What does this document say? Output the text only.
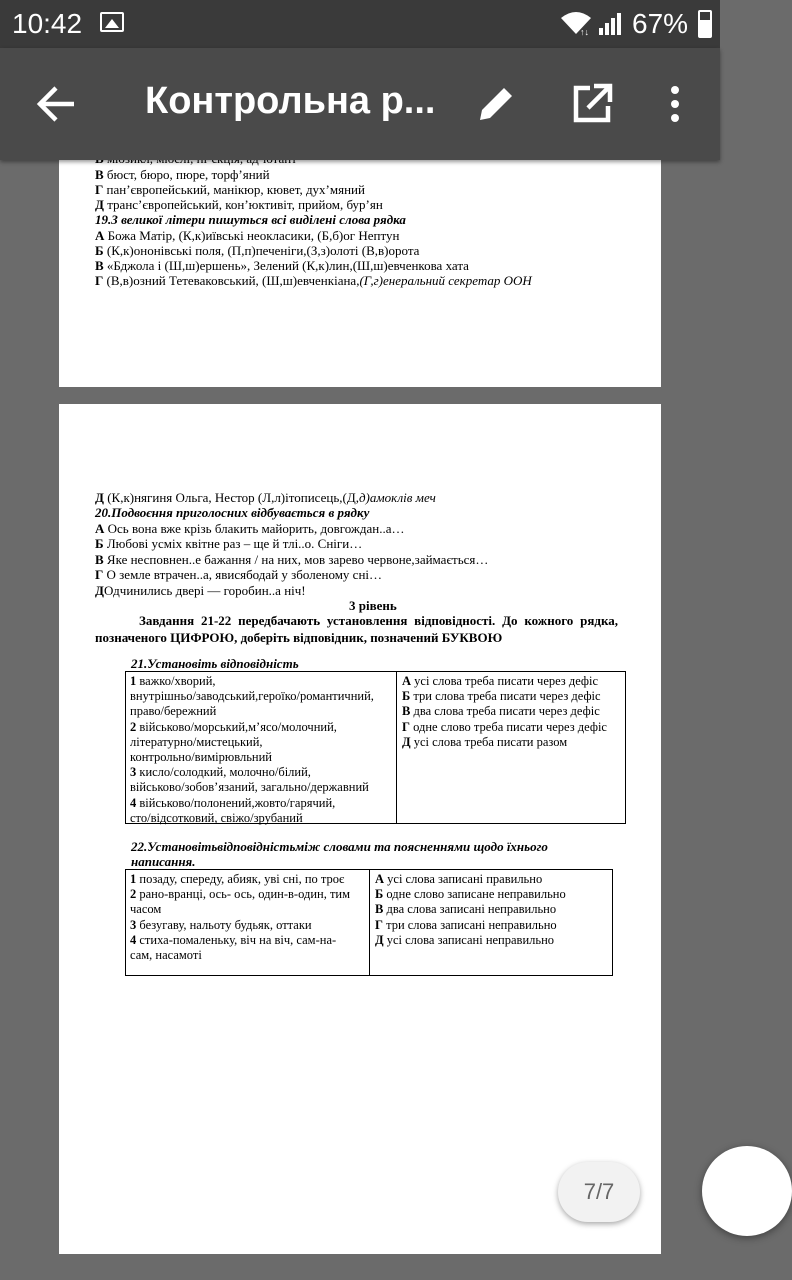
10:42	↑↓ 67%
Контрольна р...
В бюст, бюро, пюре, торф’яний
Г пан’європейський, манікюр, кювет, дух’мяний
Д транс’європейський, кон’юктивіт, прийом, бур’ян
19.З великої літери пишуться всі виділені слова рядка
А Божа Матір, (К,к)иївські неокласики, (Б,б)ог Нептун
Б (К,к)ононівські поля, (П,п)печеніги,(З,з)олоті (В,в)орота
В «Бджола і (Ш,ш)ершень», Зелений (К,к)лин,(Ш,ш)евченкова хата
Г (В,в)озний Тетеваковський, (Ш,ш)евченкіана,(Г,г)енеральний секретар ООН
Д (К,к)нягиня Ольга, Нестор (Л,л)ітописець,(Д,д)амоклів меч
20.Подвоєння приголосних відбувається в рядку
А Ось вона вже крізь блакить майорить, довгождан..а…
Б Любові усміх квітне раз – ще й тлі..о. Сніги…
В Яке несповнен..е бажання / на них, мов зарево червоне,займається…
Г О земле втрачен..а, явисябодай у зболеному сні…
ДОдчинились двері — горобин..а ніч!
3 рівень
Завдання 21-22 передбачають установлення відповідності. До кожного рядка, позначеного ЦИФРОЮ, доберіть відповідник, позначений БУКВОЮ
21.Установіть відповідність
1 важко/хворий,
внутрішньо/заводський,героїко/романтичний,
право/бережний
2 військово/морський,м’ясо/молочний,
літературно/мистецький,
контрольно/вимірювльний
3 кисло/солодкий, молочно/білий,
військово/зобов’язаний, загально/державний
4 військово/полонений,жовто/гарячий,
сто/відсотковий, свіжо/зрубаний
А усі слова треба писати через дефіс
Б три слова треба писати через дефіс
В два слова треба писати через дефіс
Г одне слово треба писати через дефіс
Д усі слова треба писати разом
22.Установітьвідповідністьміж словами та поясненнями щодо їхнього написання.
1 позаду, спереду, абияк, уві сні, по троє
2 рано-вранці, ось- ось, один-в-один, тим
часом
3 безугаву, нальоту будьяк, оттаки
4 стиха-помаленьку, віч на віч, сам-на-
сам, насамоті
А усі слова записані правильно
Б одне слово записане неправильно
В два слова записані неправильно
Г три слова записані неправильно
Д усі слова записані неправильно
7/7
